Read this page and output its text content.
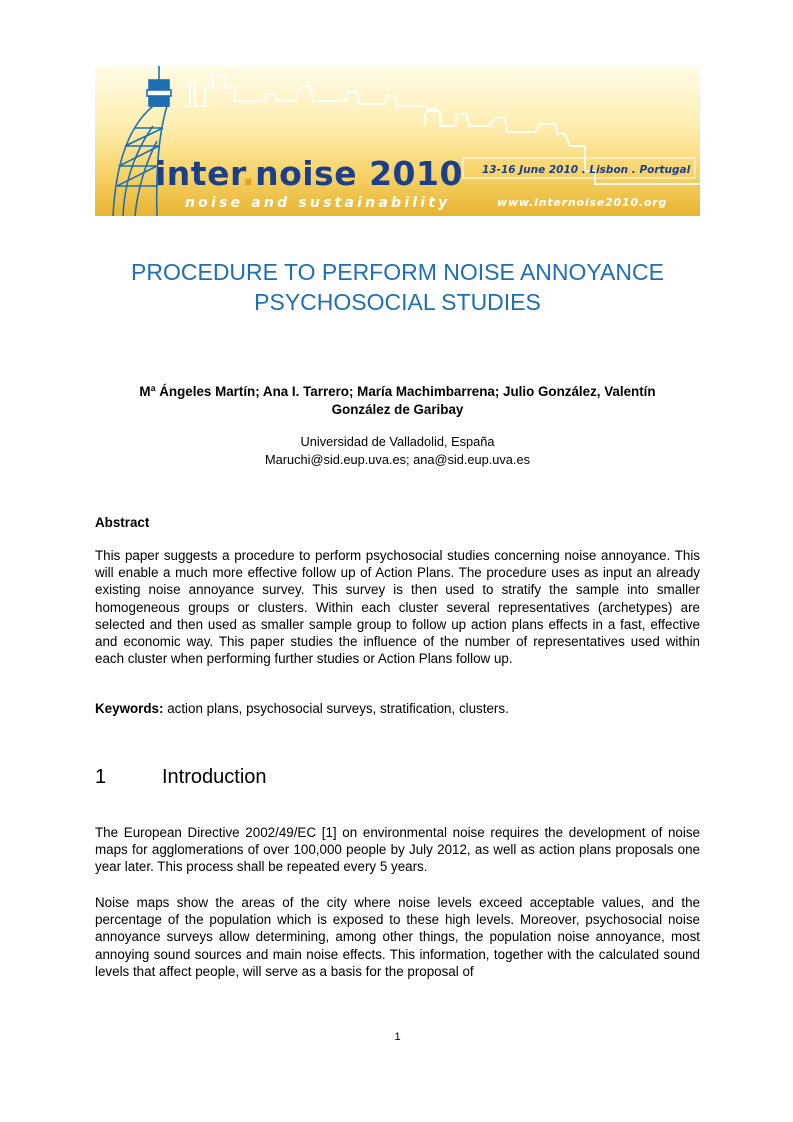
inter.noise 2010
noise and sustainability
13-16 June 2010 . Lisbon . Portugal
www.internoise2010.org
PROCEDURE TO PERFORM NOISE ANNOYANCE
PSYCHOSOCIAL STUDIES
Mª Ángeles Martín; Ana I. Tarrero; María Machimbarrena; Julio González, Valentín
González de Garibay
Universidad de Valladolid, España
Maruchi@sid.eup.uva.es; ana@sid.eup.uva.es
Abstract
This paper suggests a procedure to perform psychosocial studies concerning noise annoyance. This will enable a much more effective follow up of Action Plans. The procedure uses as input an already existing noise annoyance survey. This survey is then used to stratify the sample into smaller homogeneous groups or clusters. Within each cluster several representatives (archetypes) are selected and then used as smaller sample group to follow up action plans effects in a fast, effective and economic way. This paper studies the influence of the number of representatives used within each cluster when performing further studies or Action Plans follow up.
Keywords: action plans, psychosocial surveys, stratification, clusters.
1	Introduction
The European Directive 2002/49/EC [1] on environmental noise requires the development of noise maps for agglomerations of over 100,000 people by July 2012, as well as action plans proposals one year later. This process shall be repeated every 5 years.
Noise maps show the areas of the city where noise levels exceed acceptable values, and the percentage of the population which is exposed to these high levels. Moreover, psychosocial noise annoyance surveys allow determining, among other things, the population noise annoyance, most annoying sound sources and main noise effects. This information, together with the calculated sound levels that affect people, will serve as a basis for the proposal of
1
